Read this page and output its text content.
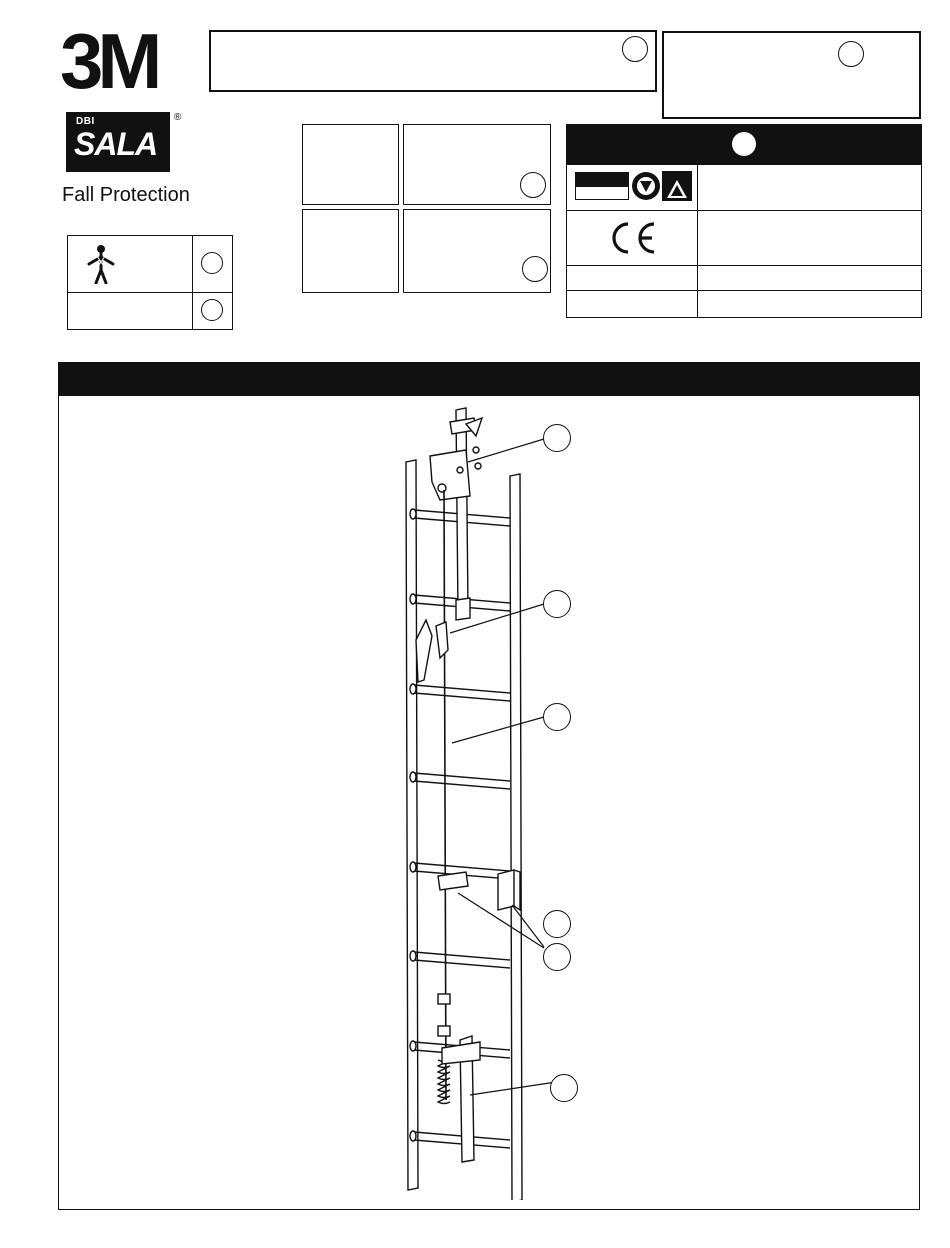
3M
DBI
SALA
®
Fall Protection
